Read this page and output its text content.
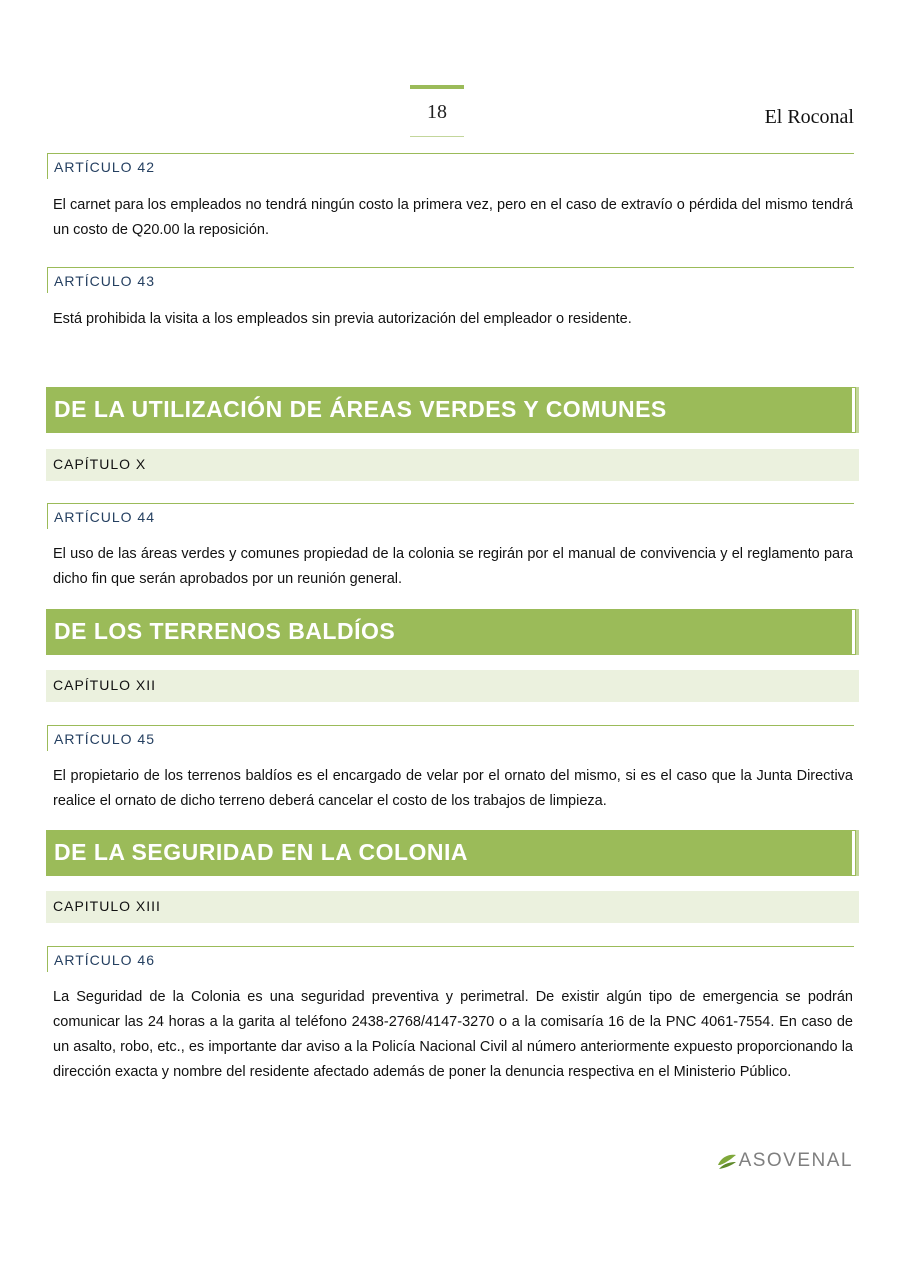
18	El Roconal
ARTÍCULO 42

El carnet para los empleados no tendrá ningún costo la primera vez, pero en el caso de extravío o pérdida del mismo tendrá un costo de Q20.00 la reposición.

ARTÍCULO 43

Está prohibida la visita a los empleados sin previa autorización del empleador o residente.

DE LA UTILIZACIÓN DE ÁREAS VERDES Y COMUNES
CAPÍTULO X
ARTÍCULO 44

El uso de las áreas verdes y comunes propiedad de la colonia se regirán por el manual de convivencia y el reglamento para dicho fin que serán aprobados por un reunión general.

DE LOS TERRENOS BALDÍOS
CAPÍTULO XII
ARTÍCULO 45

El propietario de los terrenos baldíos es el encargado de velar por el ornato del mismo, si es el caso que la Junta Directiva realice el ornato de dicho terreno deberá cancelar el costo de los trabajos de limpieza.

DE LA SEGURIDAD EN LA COLONIA
CAPITULO XIII
ARTÍCULO 46

La Seguridad de la Colonia es una seguridad preventiva y perimetral. De existir algún tipo de emergencia se podrán comunicar las 24 horas a la garita al teléfono 2438-2768/4147-3270 o a la comisaría 16 de la PNC 4061-7554. En caso de un asalto, robo, etc., es importante dar aviso a la Policía Nacional Civil al número anteriormente expuesto proporcionando la dirección exacta y nombre del residente afectado además de poner la denuncia respectiva en el Ministerio Público.

ASOVENAL
